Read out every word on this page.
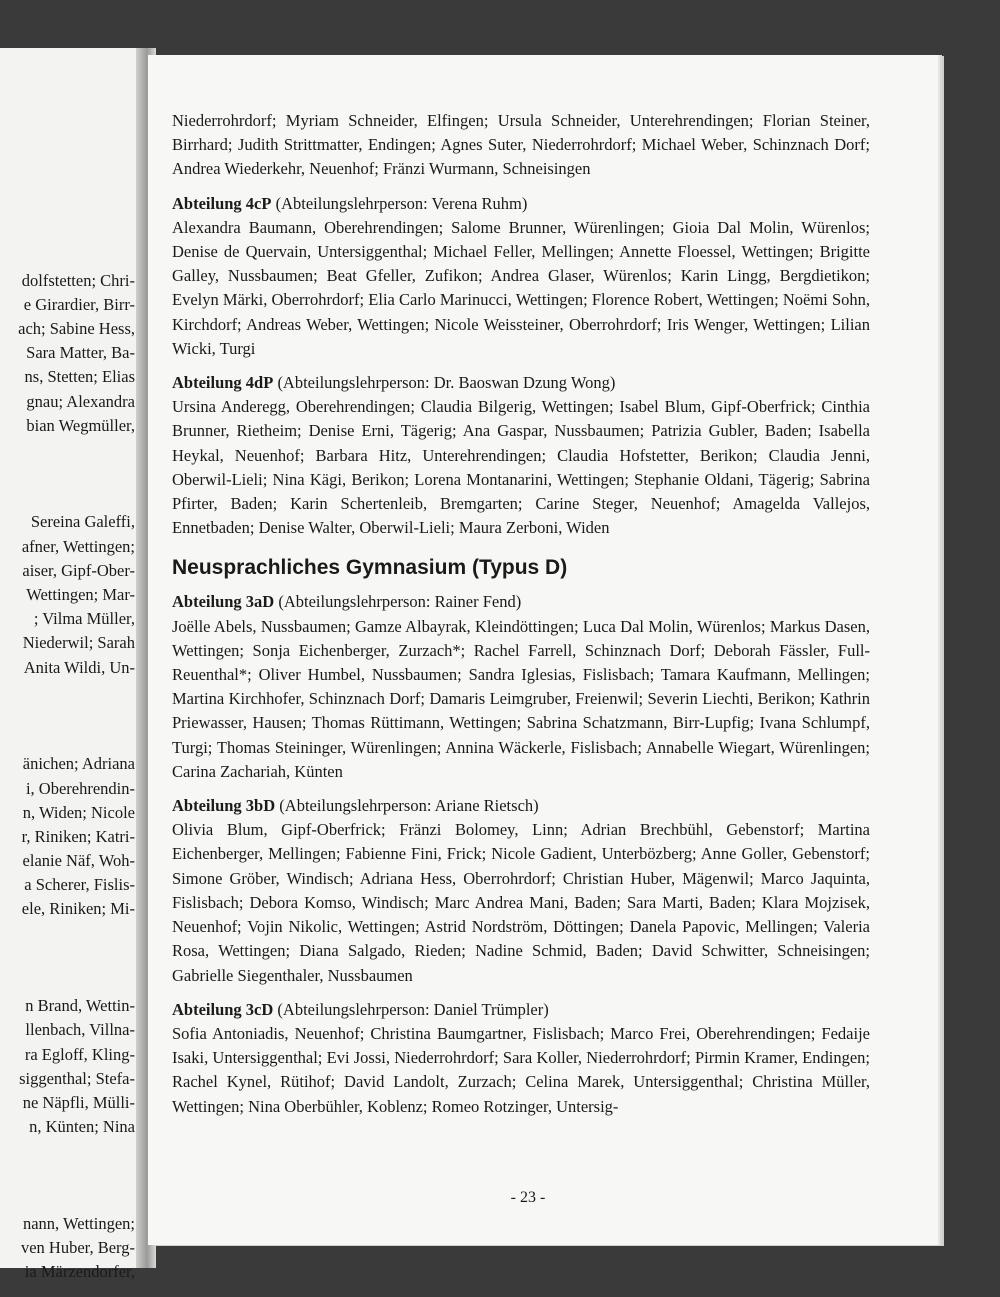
dolfstetten; Chri-
e Girardier, Birr-
ach; Sabine Hess,
Sara Matter, Ba-
ns, Stetten; Elias
gnau; Alexandra
bian Wegmüller,
Sereina Galeffi,
afner, Wettingen;
aiser, Gipf-Ober-
Wettingen; Mar-
; Vilma Müller,
Niederwil; Sarah
Anita Wildi, Un-
änichen; Adriana
i, Oberehrendin-
n, Widen; Nicole
r, Riniken; Katri-
elanie Näf, Woh-
a Scherer, Fislis-
ele, Riniken; Mi-
n Brand, Wettin-
llenbach, Villna-
ra Egloff, Kling-
siggenthal; Stefa-
ne Näpfli, Mülli-
n, Künten; Nina
nann, Wettingen;
ven Huber, Berg-
ia Märzendorfer,

Niederrohrdorf; Myriam Schneider, Elfingen; Ursula Schneider, Unterehrendingen; Florian Steiner, Birrhard; Judith Strittmatter, Endingen; Agnes Suter, Niederrohrdorf; Michael Weber, Schinznach Dorf; Andrea Wiederkehr, Neuenhof; Fränzi Wurmann, Schneisingen

Abteilung 4cP (Abteilungslehrperson: Verena Ruhm)

Alexandra Baumann, Oberehrendingen; Salome Brunner, Würenlingen; Gioia Dal Molin, Würenlos; Denise de Quervain, Untersiggenthal; Michael Feller, Mellingen; Annette Floessel, Wettingen; Brigitte Galley, Nussbaumen; Beat Gfeller, Zufikon; Andrea Glaser, Würenlos; Karin Lingg, Bergdietikon; Evelyn Märki, Oberrohrdorf; Elia Carlo Marinucci, Wettingen; Florence Robert, Wettingen; Noëmi Sohn, Kirchdorf; Andreas Weber, Wettingen; Nicole Weissteiner, Oberrohrdorf; Iris Wenger, Wettingen; Lilian Wicki, Turgi

Abteilung 4dP (Abteilungslehrperson: Dr. Baoswan Dzung Wong)

Ursina Anderegg, Oberehrendingen; Claudia Bilgerig, Wettingen; Isabel Blum, Gipf-Oberfrick; Cinthia Brunner, Rietheim; Denise Erni, Tägerig; Ana Gaspar, Nussbaumen; Patrizia Gubler, Baden; Isabella Heykal, Neuenhof; Barbara Hitz, Unterehrendingen; Claudia Hofstetter, Berikon; Claudia Jenni, Oberwil-Lieli; Nina Kägi, Berikon; Lorena Montanarini, Wettingen; Stephanie Oldani, Tägerig; Sabrina Pfirter, Baden; Karin Schertenleib, Bremgarten; Carine Steger, Neuenhof; Amagelda Vallejos, Ennetbaden; Denise Walter, Oberwil-Lieli; Maura Zerboni, Widen

Neusprachliches Gymnasium (Typus D)

Abteilung 3aD (Abteilungslehrperson: Rainer Fend)

Joëlle Abels, Nussbaumen; Gamze Albayrak, Kleindöttingen; Luca Dal Molin, Würenlos; Markus Dasen, Wettingen; Sonja Eichenberger, Zurzach*; Rachel Farrell, Schinznach Dorf; Deborah Fässler, Full-Reuenthal*; Oliver Humbel, Nussbaumen; Sandra Iglesias, Fislisbach; Tamara Kaufmann, Mellingen; Martina Kirchhofer, Schinznach Dorf; Damaris Leimgruber, Freienwil; Severin Liechti, Berikon; Kathrin Priewasser, Hausen; Thomas Rüttimann, Wettingen; Sabrina Schatzmann, Birr-Lupfig; Ivana Schlumpf, Turgi; Thomas Steininger, Würenlingen; Annina Wäckerle, Fislisbach; Annabelle Wiegart, Würenlingen; Carina Zachariah, Künten

Abteilung 3bD (Abteilungslehrperson: Ariane Rietsch)

Olivia Blum, Gipf-Oberfrick; Fränzi Bolomey, Linn; Adrian Brechbühl, Gebenstorf; Martina Eichenberger, Mellingen; Fabienne Fini, Frick; Nicole Gadient, Unterbözberg; Anne Goller, Gebenstorf; Simone Gröber, Windisch; Adriana Hess, Oberrohrdorf; Christian Huber, Mägenwil; Marco Jaquinta, Fislisbach; Debora Komso, Windisch; Marc Andrea Mani, Baden; Sara Marti, Baden; Klara Mojzisek, Neuenhof; Vojin Nikolic, Wettingen; Astrid Nordström, Döttingen; Danela Papovic, Mellingen; Valeria Rosa, Wettingen; Diana Salgado, Rieden; Nadine Schmid, Baden; David Schwitter, Schneisingen; Gabrielle Siegenthaler, Nussbaumen

Abteilung 3cD (Abteilungslehrperson: Daniel Trümpler)

Sofia Antoniadis, Neuenhof; Christina Baumgartner, Fislisbach; Marco Frei, Oberehrendingen; Fedaije Isaki, Untersiggenthal; Evi Jossi, Niederrohrdorf; Sara Koller, Niederrohrdorf; Pirmin Kramer, Endingen; Rachel Kynel, Rütihof; David Landolt, Zurzach; Celina Marek, Untersiggenthal; Christina Müller, Wettingen; Nina Oberbühler, Koblenz; Romeo Rotzinger, Untersig-

- 23 -
